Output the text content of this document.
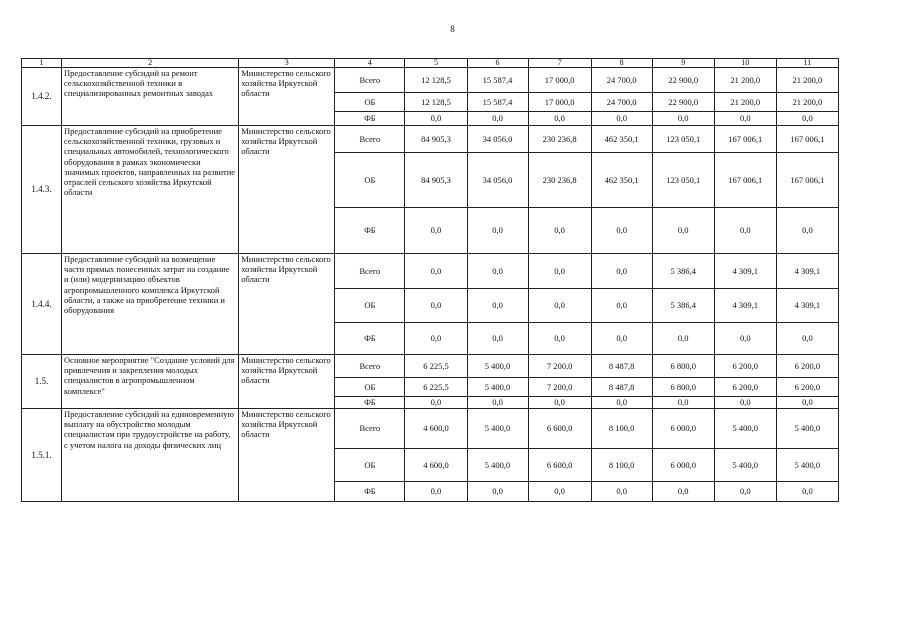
8
1	2	3	4	5	6	7	8	9	10	11
1.4.2.	Предоставление субсидий на ремонт сельскохозяйственной техники в специализированных ремонтных заводах	Министерство сельского хозяйства Иркутской области	Всего	12 128,5	15 587,4	17 000,0	24 700,0	22 900,0	21 200,0	21 200,0
			ОБ	12 128,5	15 587,4	17 000,0	24 700,0	22 900,0	21 200,0	21 200,0
			ФБ	0,0	0,0	0,0	0,0	0,0	0,0	0,0
1.4.3.	Предоставление субсидий на приобретение сельскохозяйственной техники, грузовых и специальных автомобилей, технологического оборудования в рамках экономически значимых проектов, направленных на развитие отраслей сельского хозяйства Иркутской области	Министерство сельского хозяйства Иркутской области	Всего	84 905,3	34 056,0	230 236,8	462 350,1	123 050,1	167 006,1	167 006,1
			ОБ	84 905,3	34 056,0	230 236,8	462 350,1	123 050,1	167 006,1	167 006,1
			ФБ	0,0	0,0	0,0	0,0	0,0	0,0	0,0
1.4.4.	Предоставление субсидий на возмещение части прямых понесенных затрат на создание и (или) модернизацию объектов агропромышленного комплекса Иркутской области, а также на приобретение техники и оборудования	Министерство сельского хозяйства Иркутской области	Всего	0,0	0,0	0,0	0,0	5 386,4	4 309,1	4 309,1
			ОБ	0,0	0,0	0,0	0,0	5 386,4	4 309,1	4 309,1
			ФБ	0,0	0,0	0,0	0,0	0,0	0,0	0,0
1.5.	Основное мероприятие "Создание условий для привлечения и закрепления молодых специалистов в агропромышленном комплексе"	Министерство сельского хозяйства Иркутской области	Всего	6 225,5	5 400,0	7 200,0	8 487,8	6 800,0	6 200,0	6 200,0
			ОБ	6 225,5	5 400,0	7 200,0	8 487,8	6 800,0	6 200,0	6 200,0
			ФБ	0,0	0,0	0,0	0,0	0,0	0,0	0,0
1.5.1.	Предоставление субсидий на единовременную выплату на обустройство молодым специалистам при трудоустройстве на работу, с учетом налога на доходы физических лиц	Министерство сельского хозяйства Иркутской области	Всего	4 600,0	5 400,0	6 600,0	8 100,0	6 000,0	5 400,0	5 400,0
			ОБ	4 600,0	5 400,0	6 600,0	8 100,0	6 000,0	5 400,0	5 400,0
			ФБ	0,0	0,0	0,0	0,0	0,0	0,0	0,0
